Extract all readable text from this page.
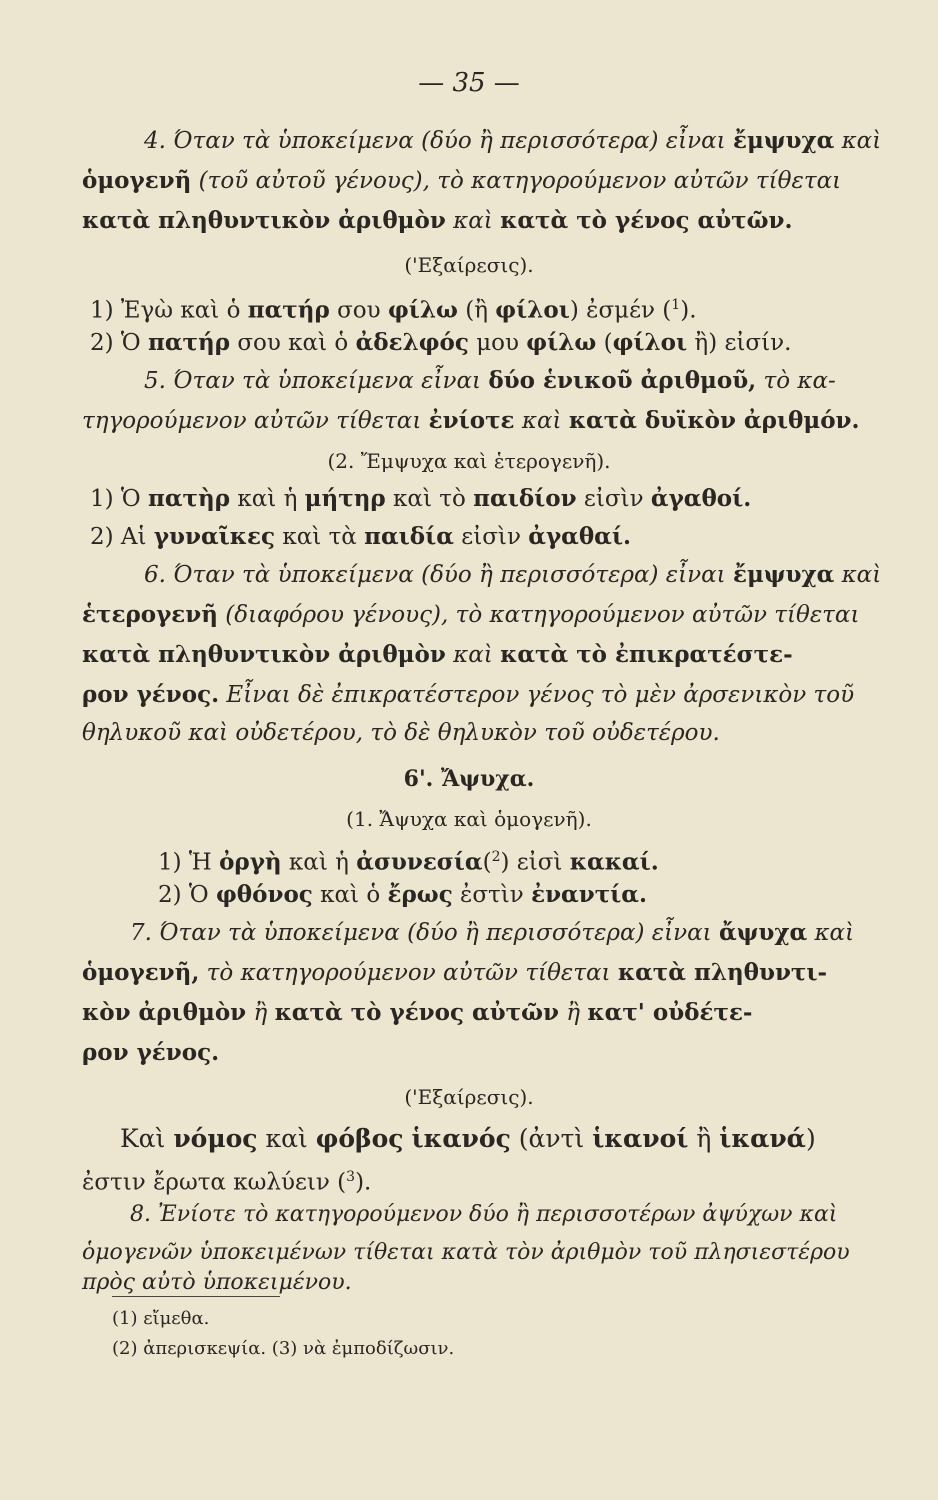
— 35 —
4. Όταν τὰ ὑποκείμενα (δύο ἢ περισσότερα) εἶναι ἔμψυχα καὶ
ὁμογενῆ (τοῦ αὐτοῦ γένους), τὸ κατηγορούμενον αὐτῶν τίθεται
κατὰ πληθυντικὸν ἀριθμὸν καὶ κατὰ τὸ γένος αὐτῶν.
('Εξαίρεσις).
1) Ἐγὼ καὶ ὁ πατήρ σου φίλω (ἢ φίλοι) ἐσμέν ($^1$).
2) Ὁ πατήρ σου καὶ ὁ ἀδελφός μου φίλω (φίλοι ἢ) εἰσίν.
5. Όταν τὰ ὑποκείμενα εἶναι δύο ἑνικοῦ ἀριθμοῦ, τὸ κα-
τηγορούμενον αὐτῶν τίθεται ἐνίοτε καὶ κατὰ δυϊκὸν ἀριθμόν.
(2. Ἔμψυχα καὶ ἑτερογενῆ).
1) Ὁ πατὴρ καὶ ἡ μήτηρ καὶ τὸ παιδίον εἰσὶν ἀγαθοί.
2) Αἱ γυναῖκες καὶ τὰ παιδία εἰσὶν ἀγαθαί.
6. Όταν τὰ ὑποκείμενα (δύο ἢ περισσότερα) εἶναι ἔμψυχα καὶ
ἑτερογενῆ (διαφόρου γένους), τὸ κατηγορούμενον αὐτῶν τίθεται
κατὰ πληθυντικὸν ἀριθμὸν καὶ κατὰ τὸ ἐπικρατέστε-
ρον γένος. Εἶναι δὲ ἐπικρατέστερον γένος τὸ μὲν ἀρσενικὸν τοῦ
θηλυκοῦ καὶ οὐδετέρου, τὸ δὲ θηλυκὸν τοῦ οὐδετέρου.
6'. Ἄψυχα.
(1. Ἄψυχα καὶ ὁμογενῆ).
1) Ἡ ὀργὴ καὶ ἡ ἀσυνεσία($^2$) εἰσὶ κακαί.
2) Ὁ φθόνος καὶ ὁ ἔρως ἐστὶν ἐναντία.
7. Όταν τὰ ὑποκείμενα (δύο ἢ περισσότερα) εἶναι ἄψυχα καὶ
ὁμογενῆ, τὸ κατηγορούμενον αὐτῶν τίθεται κατὰ πληθυντι-
κὸν ἀριθμὸν ἢ κατὰ τὸ γένος αὐτῶν ἢ κατ' οὐδέτε-
ρον γένος.
('Εξαίρεσις).
Καὶ νόμος καὶ φόβος ἱκανός (ἀντὶ ἱκανοί ἢ ἱκανά)
ἐστιν ἔρωτα κωλύειν ($^3$).
8. Ἐνίοτε τὸ κατηγορούμενον δύο ἢ περισσοτέρων ἀψύχων καὶ
ὁμογενῶν ὑποκειμένων τίθεται κατὰ τὸν ἀριθμὸν τοῦ πλησιεστέρου
πρὸς αὐτὸ ὑποκειμένου.
(1) εἴμεθα.
(2) ἀπερισκεψία. (3) νὰ ἐμποδίζωσιν.
